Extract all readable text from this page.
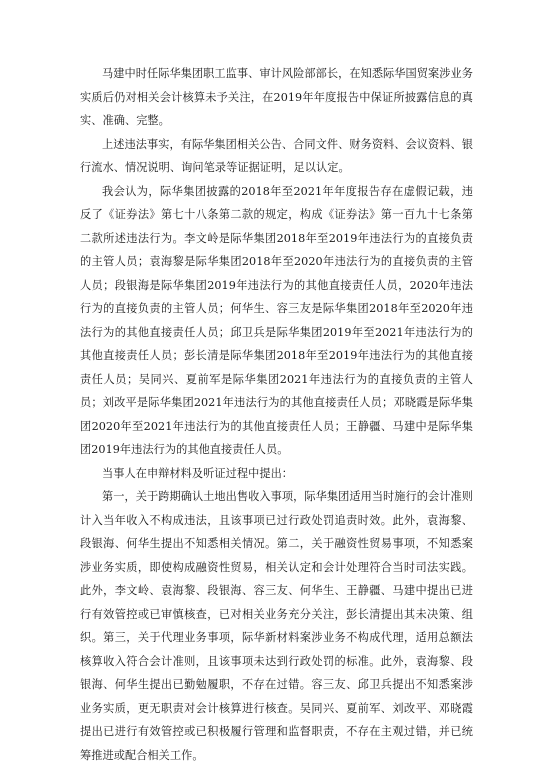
马建中时任际华集团职工监事、审计风险部部长，在知悉际华国贸案涉业务实质后仍对相关会计核算未予关注，在2019年年度报告中保证所披露信息的真实、准确、完整。

上述违法事实，有际华集团相关公告、合同文件、财务资料、会议资料、银行流水、情况说明、询问笔录等证据证明，足以认定。

我会认为，际华集团披露的2018年至2021年年度报告存在虚假记载，违反了《证券法》第七十八条第二款的规定，构成《证券法》第一百九十七条第二款所述违法行为。李文岭是际华集团2018年至2019年违法行为的直接负责的主管人员；袁海黎是际华集团2018年至2020年违法行为的直接负责的主管人员；段银海是际华集团2019年违法行为的其他直接责任人员，2020年违法行为的直接负责的主管人员；何华生、容三友是际华集团2018年至2020年违法行为的其他直接责任人员；邱卫兵是际华集团2019年至2021年违法行为的其他直接责任人员；彭长清是际华集团2018年至2019年违法行为的其他直接责任人员；吴同兴、夏前军是际华集团2021年违法行为的直接负责的主管人员；刘改平是际华集团2021年违法行为的其他直接责任人员；邓晓霞是际华集团2020年至2021年违法行为的其他直接责任人员；王静疆、马建中是际华集团2019年违法行为的其他直接责任人员。

当事人在申辩材料及听证过程中提出：

第一，关于跨期确认土地出售收入事项，际华集团适用当时施行的会计准则计入当年收入不构成违法，且该事项已过行政处罚追责时效。此外，袁海黎、段银海、何华生提出不知悉相关情况。第二，关于融资性贸易事项，不知悉案涉业务实质，即使构成融资性贸易，相关认定和会计处理符合当时司法实践。此外，李文岭、袁海黎、段银海、容三友、何华生、王静疆、马建中提出已进行有效管控或已审慎核查，已对相关业务充分关注，彭长清提出其未决策、组织。第三，关于代理业务事项，际华新材料案涉业务不构成代理，适用总额法核算收入符合会计准则，且该事项未达到行政处罚的标准。此外，袁海黎、段银海、何华生提出已勤勉履职，不存在过错。容三友、邱卫兵提出不知悉案涉业务实质，更无职责对会计核算进行核查。吴同兴、夏前军、刘改平、邓晓霞提出已进行有效管控或已积极履行管理和监督职责，不存在主观过错，并已统筹推进或配合相关工作。
